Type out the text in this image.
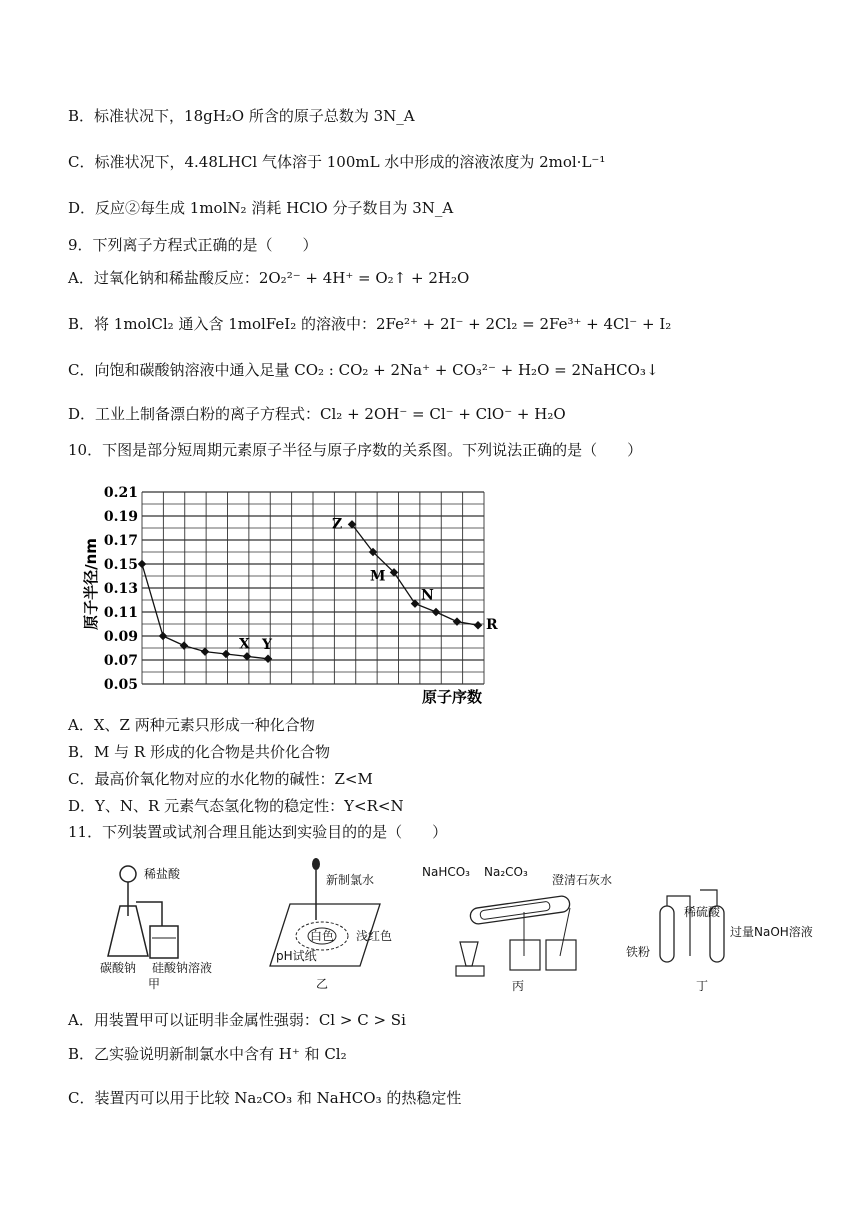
B．标准状况下，18gH₂O 所含的原子总数为 3N_A
C．标准状况下，4.48LHCl 气体溶于 100mL 水中形成的溶液浓度为 2mol·L⁻¹
D．反应②每生成 1molN₂ 消耗 HClO 分子数目为 3N_A
9．下列离子方程式正确的是（　　）
A．过氧化钠和稀盐酸反应：2O₂²⁻ + 4H⁺ = O₂↑ + 2H₂O
B．将 1molCl₂ 通入含 1molFeI₂ 的溶液中：2Fe²⁺ + 2I⁻ + 2Cl₂ = 2Fe³⁺ + 4Cl⁻ + I₂
C．向饱和碳酸钠溶液中通入足量 CO₂ : CO₂ + 2Na⁺ + CO₃²⁻ + H₂O = 2NaHCO₃↓
D．工业上制备漂白粉的离子方程式：Cl₂ + 2OH⁻ = Cl⁻ + ClO⁻ + H₂O
10．下图是部分短周期元素原子半径与原子序数的关系图。下列说法正确的是（　　）
0.21
0.19
0.17
0.15
0.13
0.11
0.09
0.07
0.05
X Y
Z
M
N
R
原子半径/nm
原子序数
A．X、Z 两种元素只形成一种化合物
B．M 与 R 形成的化合物是共价化合物
C．最高价氧化物对应的水化物的碱性：Z<M
D．Y、N、R 元素气态氢化物的稳定性：Y<R<N
11．下列装置或试剂合理且能达到实验目的的是（　　）
稀盐酸
碳酸钠 硅酸钠溶液
甲
新制氯水
白色 浅红色
pH试纸
乙
NaHCO₃ Na₂CO₃
澄清石灰水
丙
铁粉
稀硫酸
过量NaOH溶液
丁
A．用装置甲可以证明非金属性强弱：Cl > C > Si
B．乙实验说明新制氯水中含有 H⁺ 和 Cl₂
C．装置丙可以用于比较 Na₂CO₃ 和 NaHCO₃ 的热稳定性
